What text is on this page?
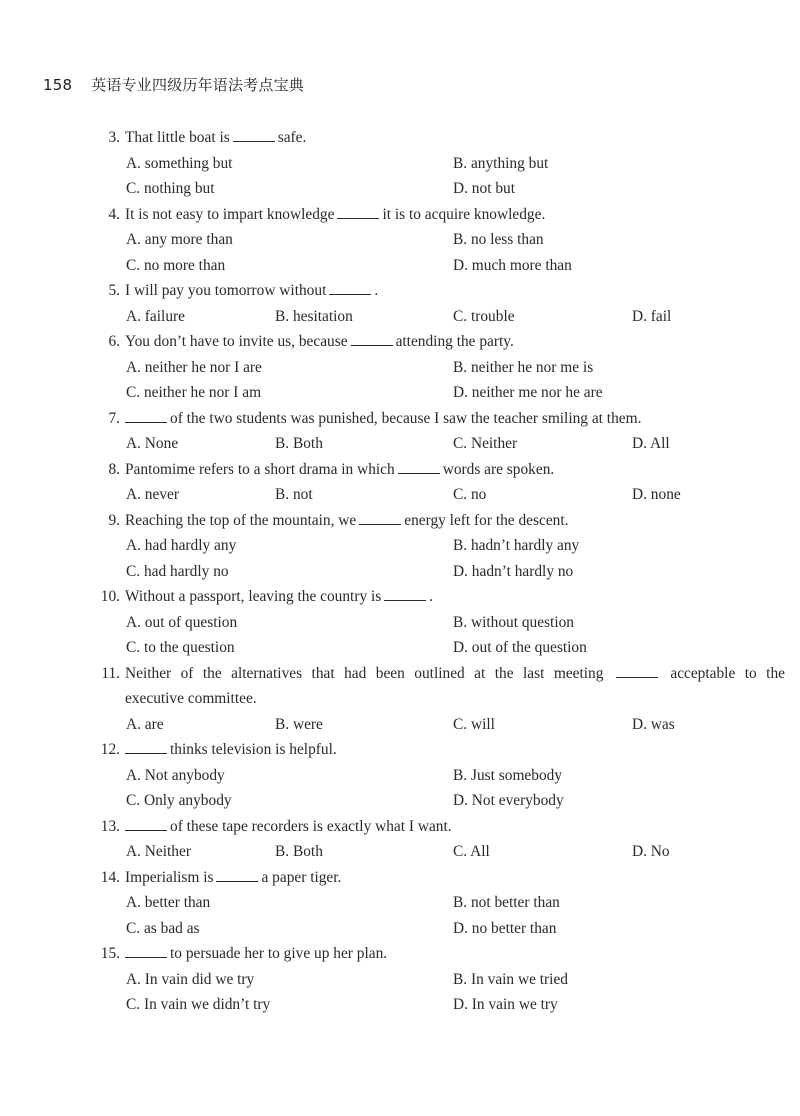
158 英语专业四级历年语法考点宝典
3. That little boat is	safe.
A. something but	B. anything but
C. nothing but	D. not but
4. It is not easy to impart knowledge	it is to acquire knowledge.
A. any more than	B. no less than
C. no more than	D. much more than
5. I will pay you tomorrow without	.
A. failure	B. hesitation	C. trouble	D. fail
6. You don’t have to invite us, because	attending the party.
A. neither he nor I are	B. neither he nor me is
C. neither he nor I am	D. neither me nor he are
7.	of the two students was punished, because I saw the teacher smiling at them.
A. None	B. Both	C. Neither	D. All
8. Pantomime refers to a short drama in which	words are spoken.
A. never	B. not	C. no	D. none
9. Reaching the top of the mountain, we	energy left for the descent.
A. had hardly any	B. hadn’t hardly any
C. had hardly no	D. hadn’t hardly no
10. Without a passport, leaving the country is	.
A. out of question	B. without question
C. to the question	D. out of the question
11. Neither of the alternatives that had been outlined at the last meeting	acceptable to the
executive committee.
A. are	B. were	C. will	D. was
12.	thinks television is helpful.
A. Not anybody	B. Just somebody
C. Only anybody	D. Not everybody
13.	of these tape recorders is exactly what I want.
A. Neither	B. Both	C. All	D. No
14. Imperialism is	a paper tiger.
A. better than	B. not better than
C. as bad as	D. no better than
15.	to persuade her to give up her plan.
A. In vain did we try	B. In vain we tried
C. In vain we didn’t try	D. In vain we try
